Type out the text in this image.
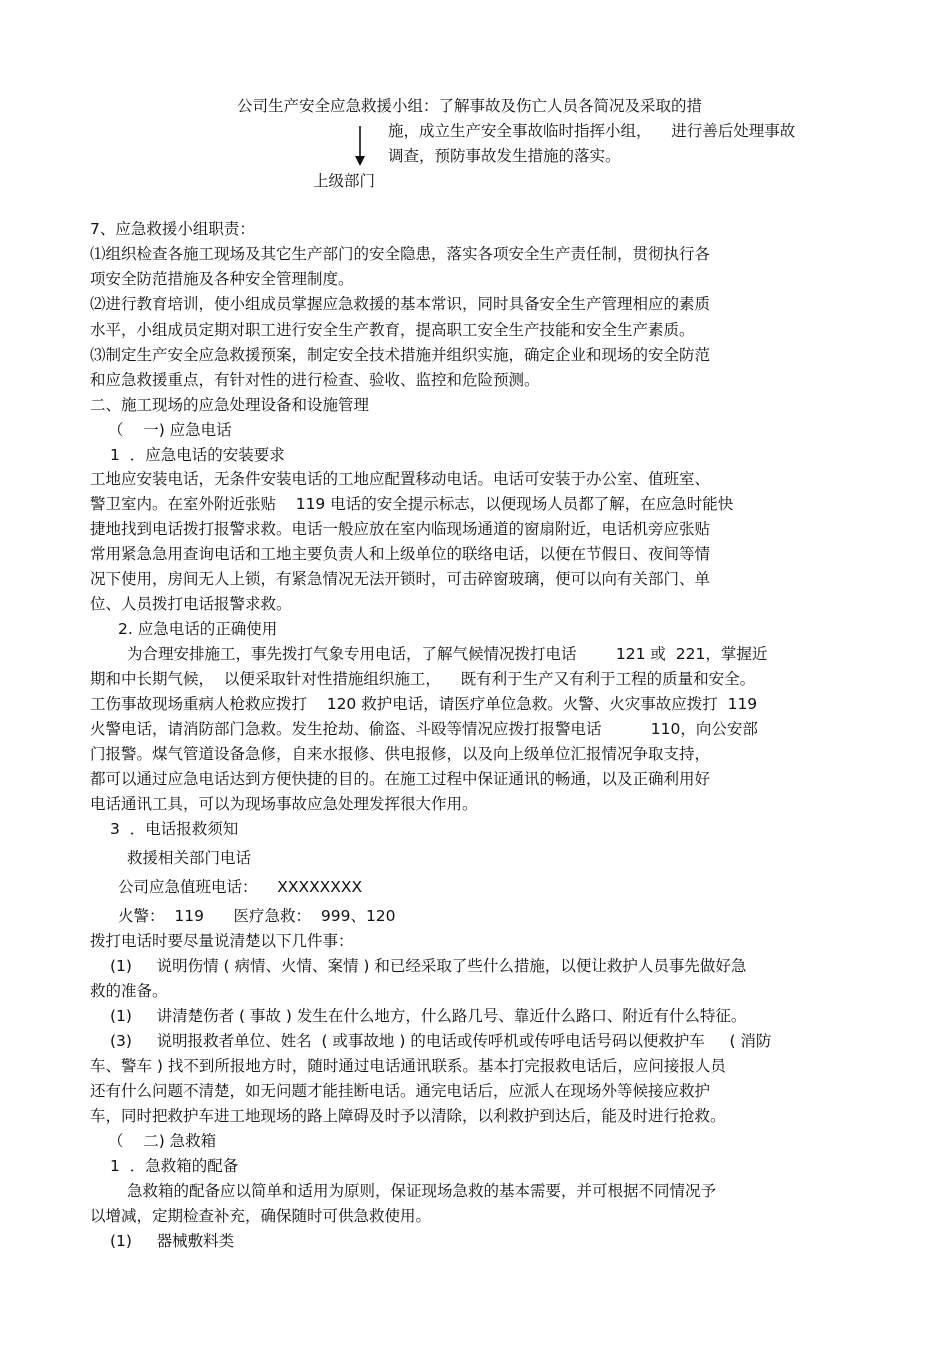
公司生产安全应急救援小组：了解事故及伤亡人员各简况及采取的措
施，成立生产安全事故临时指挥小组，    进行善后处理事故
调查，预防事故发生措施的落实。
上级部门
7、应急救援小组职责：
⑴组织检查各施工现场及其它生产部门的安全隐患，落实各项安全生产责任制，贯彻执行各
项安全防范措施及各种安全管理制度。
⑵进行教育培训，使小组成员掌握应急救援的基本常识，同时具备安全生产管理相应的素质
水平，小组成员定期对职工进行安全生产教育，提高职工安全生产技能和安全生产素质。
⑶制定生产安全应急救援预案，制定安全技术措施并组织实施，确定企业和现场的安全防范
和应急救援重点，有针对性的进行检查、验收、监控和危险预测。
二、施工现场的应急处理设备和设施管理
（    一) 应急电话
1  ．应急电话的安装要求
工地应安装电话，无条件安装电话的工地应配置移动电话。电话可安装于办公室、值班室、
警卫室内。在室外附近张贴    119 电话的安全提示标志，以便现场人员都了解，在应急时能快
捷地找到电话拨打报警求救。电话一般应放在室内临现场通道的窗扇附近，电话机旁应张贴
常用紧急急用查询电话和工地主要负责人和上级单位的联络电话，以便在节假日、夜间等情
况下使用，房间无人上锁，有紧急情况无法开锁时，可击碎窗玻璃，便可以向有关部门、单
位、人员拨打电话报警求救。
2. 应急电话的正确使用
为合理安排施工，事先拨打气象专用电话，了解气候情况拨打电话        121 或  221，掌握近
期和中长期气候，  以便采取针对性措施组织施工，    既有利于生产又有利于工程的质量和安全。
工伤事故现场重病人枪救应拨打    120 救护电话，请医疗单位急救。火警、火灾事故应拨打  119
火警电话，请消防部门急救。发生抢劫、偷盗、斗殴等情况应拨打报警电话          110，向公安部
门报警。煤气管道设备急修，自来水报修、供电报修，以及向上级单位汇报情况争取支持，
都可以通过应急电话达到方便快捷的目的。在施工过程中保证通讯的畅通，以及正确利用好
电话通讯工具，可以为现场事故应急处理发挥很大作用。
3  ．电话报救须知
救援相关部门电话
公司应急值班电话：    XXXXXXXX
火警：  119      医疗急救：  999、120
拨打电话时要尽量说清楚以下几件事：
(1)     说明伤情 ( 病情、火情、案情 ) 和已经采取了些什么措施，以便让救护人员事先做好急
救的准备。
(1)     讲清楚伤者 ( 事故 ) 发生在什么地方，什么路几号、靠近什么路口、附近有什么特征。
(3)     说明报救者单位、姓名  ( 或事故地 ) 的电话或传呼机或传呼电话号码以便救护车     ( 消防
车、警车 ) 找不到所报地方时，随时通过电话通讯联系。基本打完报救电话后，应问接报人员
还有什么问题不清楚，如无问题才能挂断电话。通完电话后，应派人在现场外等候接应救护
车，同时把救护车进工地现场的路上障碍及时予以清除，以利救护到达后，能及时进行抢救。
（    二) 急救箱
1  ．急救箱的配备
急救箱的配备应以简单和适用为原则，保证现场急救的基本需要，并可根据不同情况予
以增减，定期检查补充，确保随时可供急救使用。
(1)     器械敷料类
